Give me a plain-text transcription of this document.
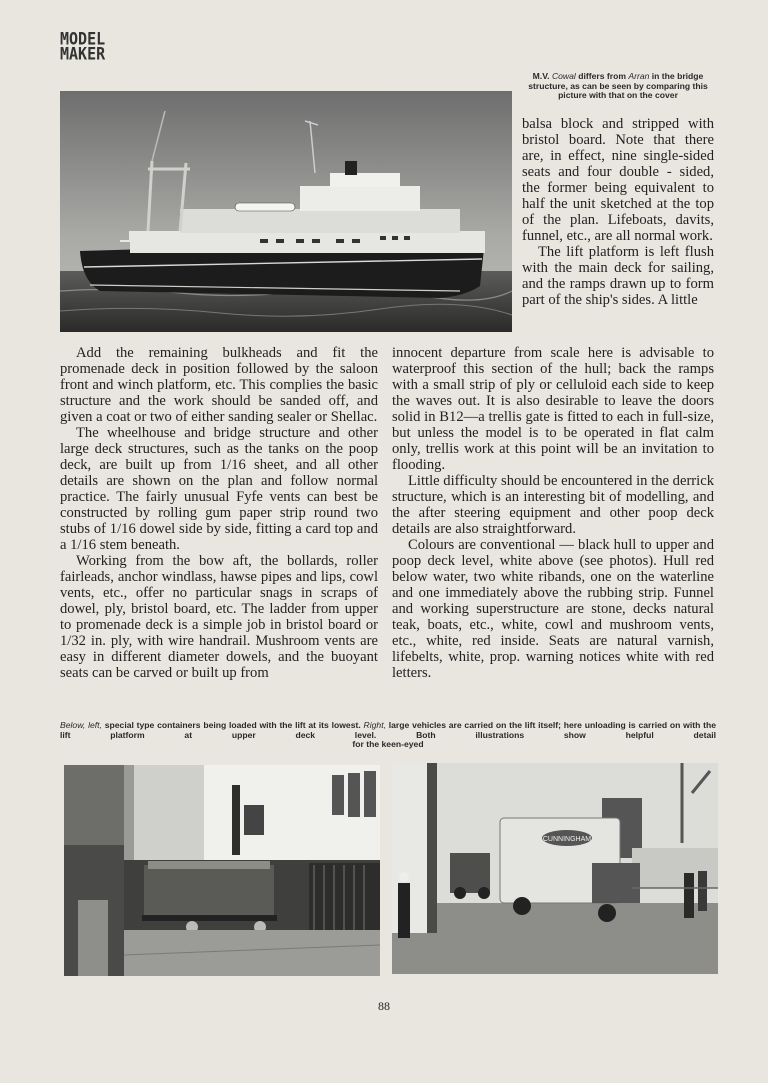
MODEL
MAKER
M.V. Cowal differs from Arran in the bridge structure, as can be seen by comparing this picture with that on the cover

balsa block and stripped with bristol board. Note that there are, in effect, nine single-sided seats and four double - sided, the former being equivalent to half the unit sketched at the top of the plan. Lifeboats, davits, funnel, etc., are all normal work.

The lift platform is left flush with the main deck for sailing, and the ramps drawn up to form part of the ship's sides. A little

Add the remaining bulkheads and fit the promenade deck in position followed by the saloon front and winch platform, etc. This complies the basic structure and the work should be sanded off, and given a coat or two of either sanding sealer or Shellac.

The wheelhouse and bridge structure and other large deck structures, such as the tanks on the poop deck, are built up from 1/16 sheet, and all other details are shown on the plan and follow normal practice. The fairly unusual Fyfe vents can best be constructed by rolling gum paper strip round two stubs of 1/16 dowel side by side, fitting a card top and a 1/16 stem beneath.

Working from the bow aft, the bollards, roller fairleads, anchor windlass, hawse pipes and lips, cowl vents, etc., offer no particular snags in scraps of dowel, ply, bristol board, etc. The ladder from upper to promenade deck is a simple job in bristol board or 1/32 in. ply, with wire handrail. Mushroom vents are easy in different diameter dowels, and the buoyant seats can be carved or built up from

innocent departure from scale here is advisable to waterproof this section of the hull; back the ramps with a small strip of ply or celluloid each side to keep the waves out. It is also desirable to leave the doors solid in B12—a trellis gate is fitted to each in full-size, but unless the model is to be operated in flat calm only, trellis work at this point will be an invitation to flooding.

Little difficulty should be encountered in the derrick structure, which is an interesting bit of modelling, and the after steering equipment and other poop deck details are also straightforward.

Colours are conventional — black hull to upper and poop deck level, white above (see photos). Hull red below water, two white ribands, one on the waterline and one immediately above the rubbing strip. Funnel and working superstructure are stone, decks natural teak, boats, etc., white, cowl and mushroom vents, etc., white, red inside. Seats are natural varnish, lifebelts, white, prop. warning notices white with red letters.

Below, left, special type containers being loaded with the lift at its lowest. Right, large vehicles are carried on the lift itself; here unloading is carried on with the lift platform at upper deck level. Both illustrations show helpful detail
for the keen-eyed
CUNNINGHAM
88
